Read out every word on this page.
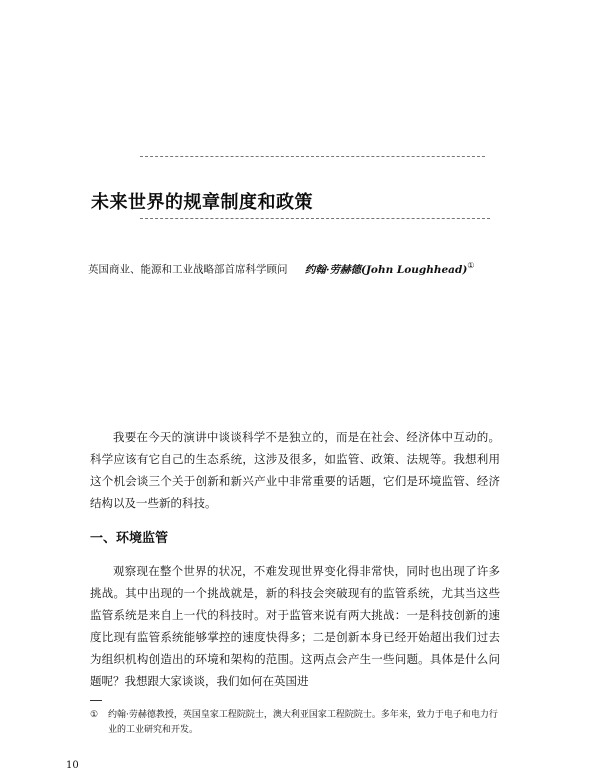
未来世界的规章制度和政策
英国商业、能源和工业战略部首席科学顾问 约翰·劳赫德(John Loughhead)①

我要在今天的演讲中谈谈科学不是独立的，而是在社会、经济体中互动的。科学应该有它自己的生态系统，这涉及很多，如监管、政策、法规等。我想利用这个机会谈三个关于创新和新兴产业中非常重要的话题，它们是环境监管、经济结构以及一些新的科技。

一、环境监管

观察现在整个世界的状况，不难发现世界变化得非常快，同时也出现了许多挑战。其中出现的一个挑战就是，新的科技会突破现有的监管系统，尤其当这些监管系统是来自上一代的科技时。对于监管来说有两大挑战：一是科技创新的速度比现有监管系统能够掌控的速度快得多；二是创新本身已经开始超出我们过去为组织机构创造出的环境和架构的范围。这两点会产生一些问题。具体是什么问题呢？我想跟大家谈谈，我们如何在英国进

① 约翰·劳赫德教授，英国皇家工程院院士，澳大利亚国家工程院院士。多年来，致力于电子和电力行
业的工业研究和开发。
10
